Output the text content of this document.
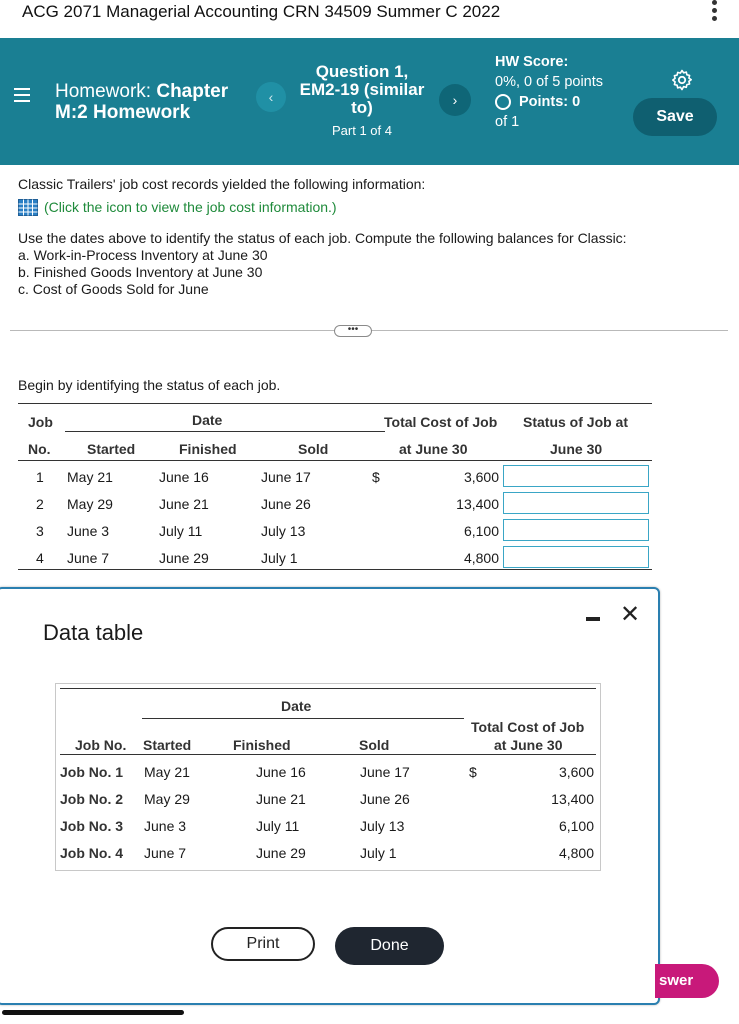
ACG 2071 Managerial Accounting CRN 34509 Summer C 2022
Homework: Chapter
M:2 Homework
‹
Question 1, EM2-19 (similar to)
Part 1 of 4
›
HW Score:
0%, 0 of 5 points
Points: 0
of 1	Save
Classic Trailers' job cost records yielded the following information:
(Click the icon to view the job cost information.)
Use the dates above to identify the status of each job. Compute the following balances for Classic:
a. Work-in-Process Inventory at June 30
b. Finished Goods Inventory at June 30
c. Cost of Goods Sold for June
•••
Begin by identifying the status of each job.
Job	Date	Total Cost of Job Status of Job at
No.	Started	Finished	Sold	at June 30	June 30
1 May 21	June 16	June 17	$	3,600
2 May 29	June 21	June 26	13,400
3 June 3	July 11	July 13	6,100
4 June 7	June 29	July 1	4,800
✕
Data table
Date
Total Cost of Job
Job No. Started	Finished	Sold	at June 30
Job No. 1 May 21	June 16	June 17	$	3,600
Job No. 2 May 29	June 21	June 26	13,400
Job No. 3 June 3	July 11	July 13	6,100
Job No. 4 June 7	June 29	July 1	4,800
Print	Done
swer
